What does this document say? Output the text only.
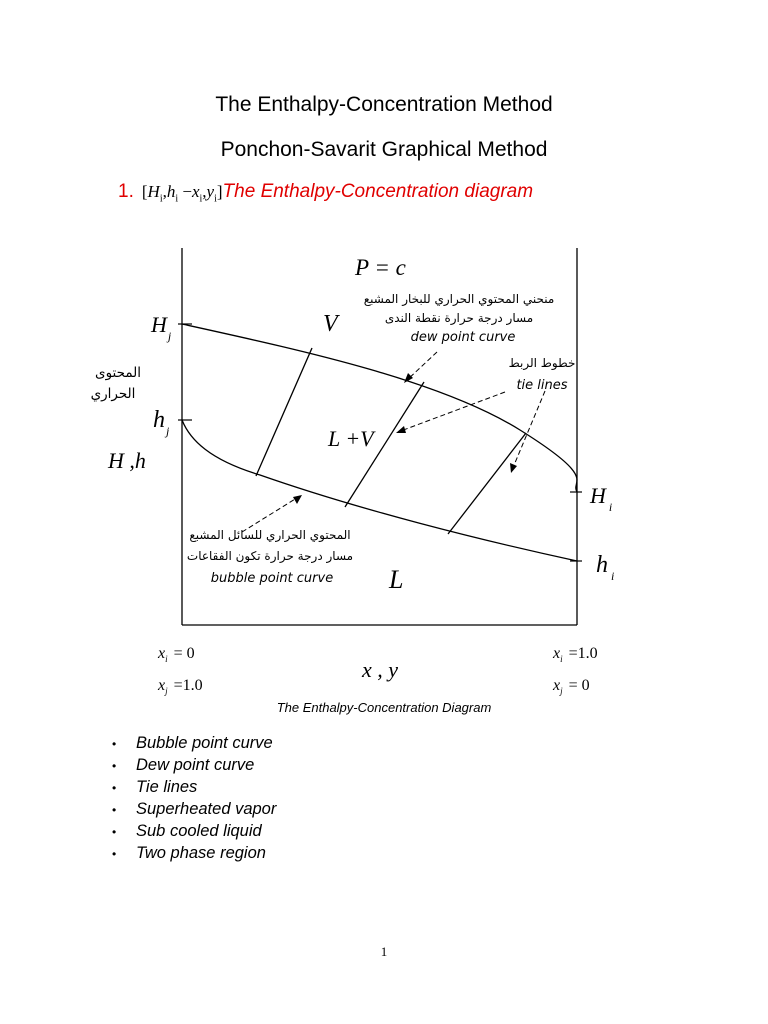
The Enthalpy-Concentration Method
Ponchon-Savarit Graphical Method
1. $[H_i,h_i -x_i,y_i]The$ Enthalpy-Concentration diagram
P = c
V
L +V
L
$H_j$
$h_j$
H $_i$
h $_i$
H ,h
x , y
$x_i = 0$
$x_j =1.0$
$x_i =1.0$
$x_j = 0$
المحتوى
الحراري
منحني المحتوي الحراري للبخار المشبع
مسار درجة حرارة نقطة الندى
dew point curve
خطوط الربط
tie lines
المحتوي الحراري للسائل المشبع
مسار درجة حرارة تكون الفقاعات
bubble point curve
The Enthalpy-Concentration Diagram
• Bubble point curve
• Dew point curve
• Tie lines
• Superheated vapor
• Sub cooled liquid
• Two phase region
1
